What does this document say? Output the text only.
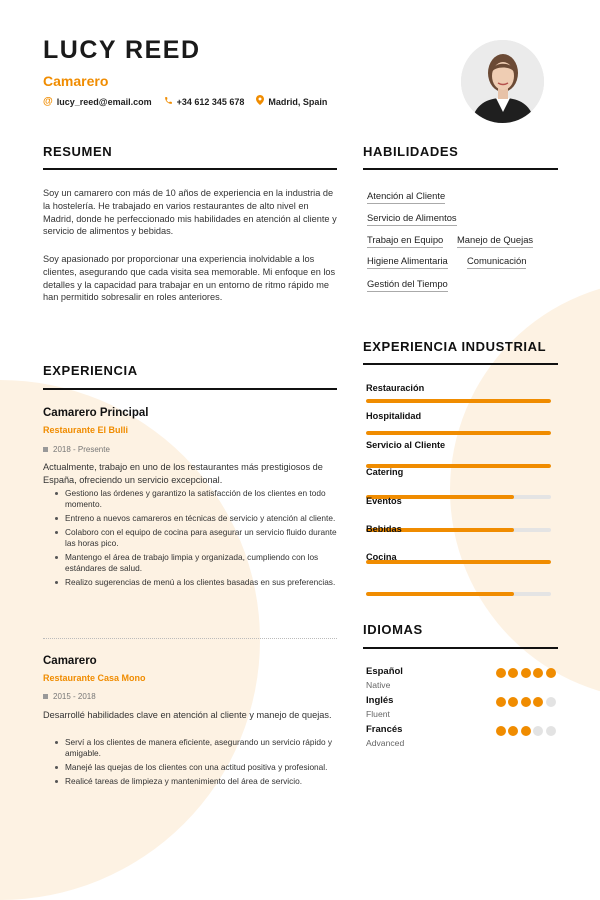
LUCY REED
Camarero
@ lucy_reed@email.com	+34 612 345 678	Madrid, Spain
RESUMEN
Soy un camarero con más de 10 años de experiencia en la industria de la hostelería. He trabajado en varios restaurantes de alto nivel en Madrid, donde he perfeccionado mis habilidades en atención al cliente y servicio de alimentos y bebidas.
Soy apasionado por proporcionar una experiencia inolvidable a los clientes, asegurando que cada visita sea memorable. Mi enfoque en los detalles y la capacidad para trabajar en un entorno de ritmo rápido me han permitido sobresalir en roles anteriores.
EXPERIENCIA
Camarero Principal
Restaurante El Bulli
2018 - Presente
Actualmente, trabajo en uno de los restaurantes más prestigiosos de España, ofreciendo un servicio excepcional.
Gestiono las órdenes y garantizo la satisfacción de los clientes en todo momento.
Entreno a nuevos camareros en técnicas de servicio y atención al cliente.
Colaboro con el equipo de cocina para asegurar un servicio fluido durante las horas pico.
Mantengo el área de trabajo limpia y organizada, cumpliendo con los estándares de salud.
Realizo sugerencias de menú a los clientes basadas en sus preferencias.
Camarero
Restaurante Casa Mono
2015 - 2018
Desarrollé habilidades clave en atención al cliente y manejo de quejas.
Serví a los clientes de manera eficiente, asegurando un servicio rápido y amigable.
Manejé las quejas de los clientes con una actitud positiva y profesional.
Realicé tareas de limpieza y mantenimiento del área de servicio.
HABILIDADES
Atención al Cliente
Servicio de Alimentos
Trabajo en Equipo Manejo de Quejas
Higiene Alimentaria Comunicación
Gestión del Tiempo
EXPERIENCIA INDUSTRIAL
Restauración
Hospitalidad
Servicio al Cliente
Catering
Eventos
Bebidas
Cocina
IDIOMAS
Español
Native
Inglés
Fluent
Francés
Advanced
